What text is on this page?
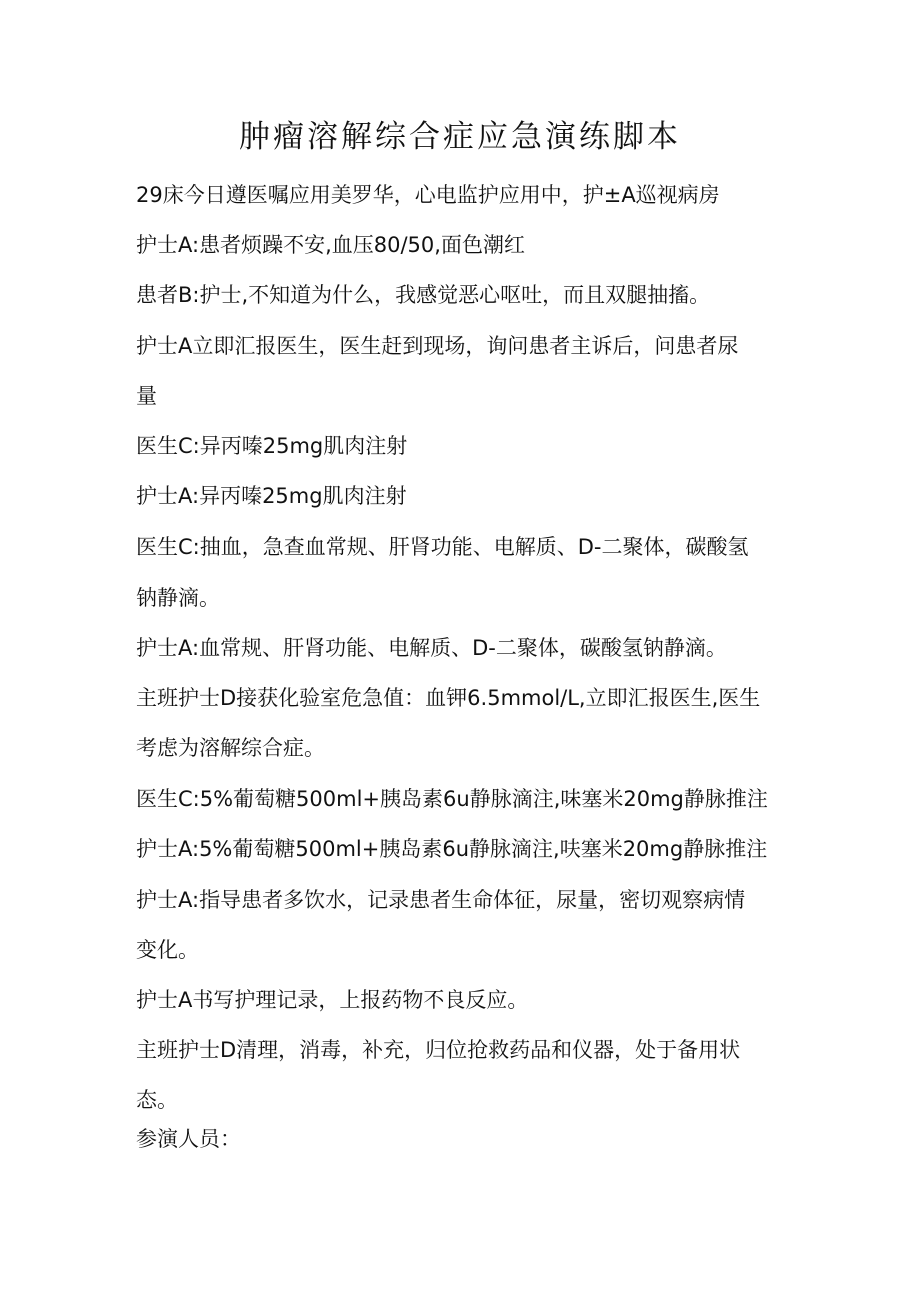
肿瘤溶解综合症应急演练脚本
29床今日遵医嘱应用美罗华，心电监护应用中，护±A巡视病房
护士A:患者烦躁不安,血压80/50,面色潮红
患者B:护士,不知道为什么，我感觉恶心呕吐，而且双腿抽搐。
护士A立即汇报医生，医生赶到现场，询问患者主诉后，问患者尿
量
医生C:异丙嗪25mg肌肉注射
护士A:异丙嗪25mg肌肉注射
医生C:抽血，急查血常规、肝肾功能、电解质、D-二聚体，碳酸氢
钠静滴。
护士A:血常规、肝肾功能、电解质、D-二聚体，碳酸氢钠静滴。
主班护士D接获化验室危急值：血钾6.5mmol/L,立即汇报医生,医生
考虑为溶解综合症。
医生C:5%葡萄糖500ml+胰岛素6u静脉滴注,味塞米20mg静脉推注
护士A:5%葡萄糖500ml+胰岛素6u静脉滴注,呋塞米20mg静脉推注
护士A:指导患者多饮水，记录患者生命体征，尿量，密切观察病情
变化。
护士A书写护理记录，上报药物不良反应。
主班护士D清理，消毒，补充，归位抢救药品和仪器，处于备用状
态。
参演人员：
